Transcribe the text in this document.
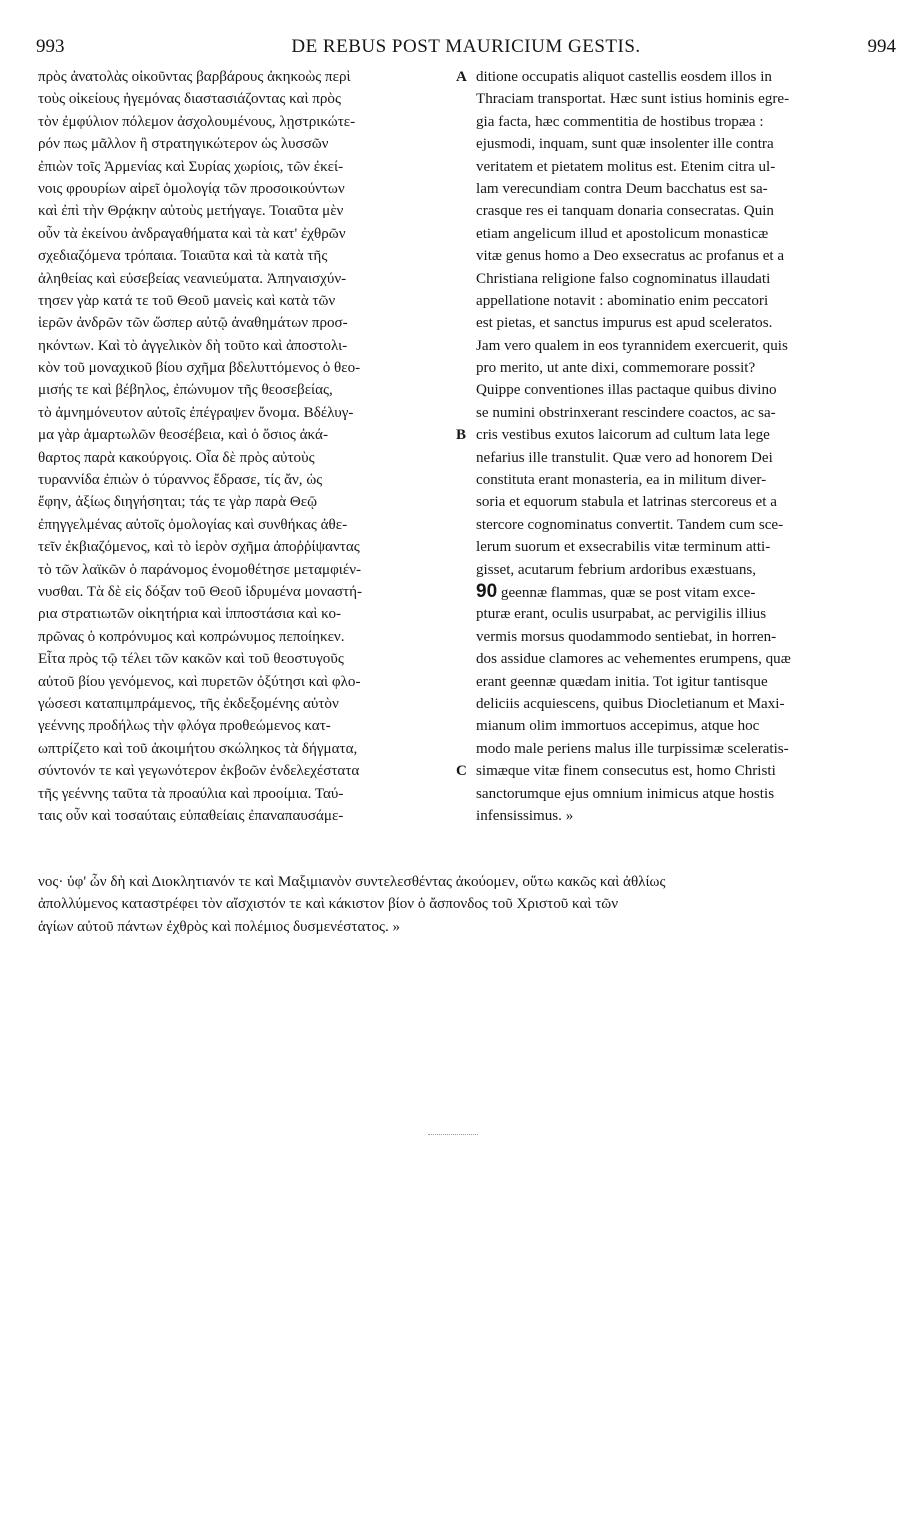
993	DE REBUS POST MAURICIUM GESTIS.	994
πρὸς ἀνατολὰς οἰκοῦντας βαρβάρους ἀκηκοὼς περὶ
τοὺς οἰκείους ἡγεμόνας διαστασιάζοντας καὶ πρὸς
τὸν ἐμφύλιον πόλεμον ἀσχολουμένους, λῃστρικώτε-
ρόν πως μᾶλλον ἢ στρατηγικώτερον ὡς λυσσῶν
ἐπιὼν τοῖς Ἀρμενίας καὶ Συρίας χωρίοις, τῶν ἐκεί-
νοις φρουρίων αἱρεῖ ὁμολογίᾳ τῶν προσοικούντων
καὶ ἐπὶ τὴν Θρᾴκην αὐτοὺς μετήγαγε. Τοιαῦτα μὲν
οὖν τὰ ἐκείνου ἀνδραγαθήματα καὶ τὰ κατ' ἐχθρῶν
σχεδιαζόμενα τρόπαια. Τοιαῦτα καὶ τὰ κατὰ τῆς
ἀληθείας καὶ εὐσεβείας νεανιεύματα. Ἀπηναισχύν-
τησεν γὰρ κατά τε τοῦ Θεοῦ μανεὶς καὶ κατὰ τῶν
ἱερῶν ἀνδρῶν τῶν ὥσπερ αὐτῷ ἀναθημάτων προσ-
ηκόντων. Καὶ τὸ ἀγγελικὸν δὴ τοῦτο καὶ ἀποστολι-
κὸν τοῦ μοναχικοῦ βίου σχῆμα βδελυττόμενος ὁ θεο-
μισής τε καὶ βέβηλος, ἐπώνυμον τῆς θεοσεβείας,
τὸ ἀμνημόνευτον αὐτοῖς ἐπέγραψεν ὄνομα. Βδέλυγ-
μα γὰρ ἁμαρτωλῶν θεοσέβεια, καὶ ὁ ὅσιος ἀκά-
θαρτος παρὰ κακούργοις. Οἷα δὲ πρὸς αὐτοὺς
τυραννίδα ἐπιὼν ὁ τύραννος ἔδρασε, τίς ἄν, ὡς
ἔφην, ἀξίως διηγήσηται; τάς τε γὰρ παρὰ Θεῷ
ἐπηγγελμένας αὐτοῖς ὁμολογίας καὶ συνθήκας ἀθε-
τεῖν ἐκβιαζόμενος, καὶ τὸ ἱερὸν σχῆμα ἀποῤῥίψαντας
τὸ τῶν λαϊκῶν ὁ παράνομος ἐνομοθέτησε μεταμφιέν-
νυσθαι. Τὰ δὲ εἰς δόξαν τοῦ Θεοῦ ἱδρυμένα μοναστή-
ρια στρατιωτῶν οἰκητήρια καὶ ἱπποστάσια καὶ κο-
πρῶνας ὁ κοπρόνυμος καὶ κοπρώνυμος πεποίηκεν.
Εἶτα πρὸς τῷ τέλει τῶν κακῶν καὶ τοῦ θεοστυγοῦς
αὐτοῦ βίου γενόμενος, καὶ πυρετῶν ὀξύτησι καὶ φλο-
γώσεσι καταπιμπράμενος, τῆς ἐκδεξομένης αὐτὸν
γεέννης προδήλως τὴν φλόγα προθεώμενος κατ-
ωπτρίζετο καὶ τοῦ ἀκοιμήτου σκώληκος τὰ δήγματα,
σύντονόν τε καὶ γεγωνότερον ἐκβοῶν ἐνδελεχέστατα
τῆς γεέννης ταῦτα τὰ προαύλια καὶ προοίμια. Ταύ-
ταις οὖν καὶ τοσαύταις εὐπαθείαις ἐπαναπαυσάμε-
A
B
C
ditione occupatis aliquot castellis eosdem illos in
Thraciam transportat. Hæc sunt istius hominis egre-
gia facta, hæc commentitia de hostibus tropæa :
ejusmodi, inquam, sunt quæ insolenter ille contra
veritatem et pietatem molitus est. Etenim citra ul-
lam verecundiam contra Deum bacchatus est sa-
crasque res ei tanquam donaria consecratas. Quin
etiam angelicum illud et apostolicum monasticæ
vitæ genus homo a Deo exsecratus ac profanus et a
Christiana religione falso cognominatus illaudati
appellatione notavit : abominatio enim peccatori
est pietas, et sanctus impurus est apud sceleratos.
Jam vero qualem in eos tyrannidem exercuerit, quis
pro merito, ut ante dixi, commemorare possit?
Quippe conventiones illas pactaque quibus divino
se numini obstrinxerant rescindere coactos, ac sa-
cris vestibus exutos laicorum ad cultum lata lege
nefarius ille transtulit. Quæ vero ad honorem Dei
constituta erant monasteria, ea in militum diver-
soria et equorum stabula et latrinas stercoreus et a
stercore cognominatus convertit. Tandem cum sce-
lerum suorum et exsecrabilis vitæ terminum atti-
gisset, acutarum febrium ardoribus exæstuans,
90 geennæ flammas, quæ se post vitam exce-
pturæ erant, oculis usurpabat, ac pervigilis illius
vermis morsus quodammodo sentiebat, in horren-
dos assidue clamores ac vehementes erumpens, quæ
erant geennæ quædam initia. Tot igitur tantisque
deliciis acquiescens, quibus Diocletianum et Maxi-
mianum olim immortuos accepimus, atque hoc
modo male periens malus ille turpissimæ sceleratis-
simæque vitæ finem consecutus est, homo Christi
sanctorumque ejus omnium inimicus atque hostis
infensissimus. »
νος· ὑφ' ὧν δὴ καὶ Διοκλητιανόν τε καὶ Μαξιμιανὸν συντελεσθέντας ἀκούομεν, οὕτω κακῶς καὶ ἀθλίως
ἀπολλύμενος καταστρέφει τὸν αἴσχιστόν τε καὶ κάκιστον βίον ὁ ἄσπονδος τοῦ Χριστοῦ καὶ τῶν
ἁγίων αὐτοῦ πάντων ἐχθρὸς καὶ πολέμιος δυσμενέστατος. »
